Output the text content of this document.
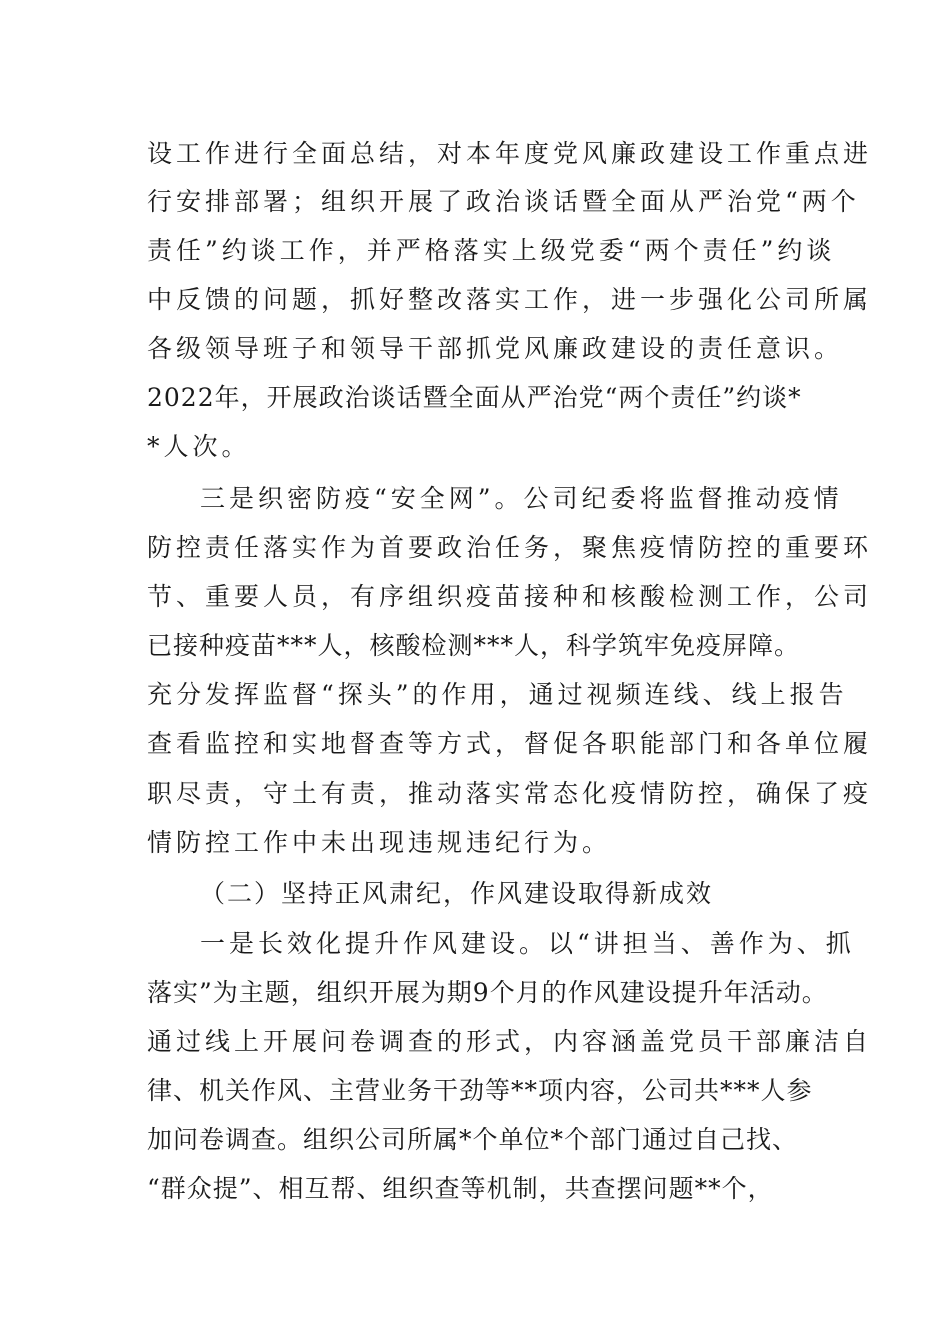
设工作进行全面总结，对本年度党风廉政建设工作重点进
行安排部署；组织开展了政治谈话暨全面从严治党“两个
责任”约谈工作，并严格落实上级党委“两个责任”约谈
中反馈的问题，抓好整改落实工作，进一步强化公司所属
各级领导班子和领导干部抓党风廉政建设的责任意识。
2022年，开展政治谈话暨全面从严治党“两个责任”约谈*
*人次。
三是织密防疫“安全网”。公司纪委将监督推动疫情
防控责任落实作为首要政治任务，聚焦疫情防控的重要环
节、重要人员，有序组织疫苗接种和核酸检测工作，公司
已接种疫苗***人，核酸检测***人，科学筑牢免疫屏障。
充分发挥监督“探头”的作用，通过视频连线、线上报告
查看监控和实地督查等方式，督促各职能部门和各单位履
职尽责，守土有责，推动落实常态化疫情防控，确保了疫
情防控工作中未出现违规违纪行为。
（二）坚持正风肃纪，作风建设取得新成效
一是长效化提升作风建设。以“讲担当、善作为、抓
落实”为主题，组织开展为期9个月的作风建设提升年活动。
通过线上开展问卷调查的形式，内容涵盖党员干部廉洁自
律、机关作风、主营业务干劲等**项内容，公司共***人参
加问卷调查。组织公司所属*个单位*个部门通过自己找、
“群众提”、相互帮、组织查等机制，共查摆问题**个，
